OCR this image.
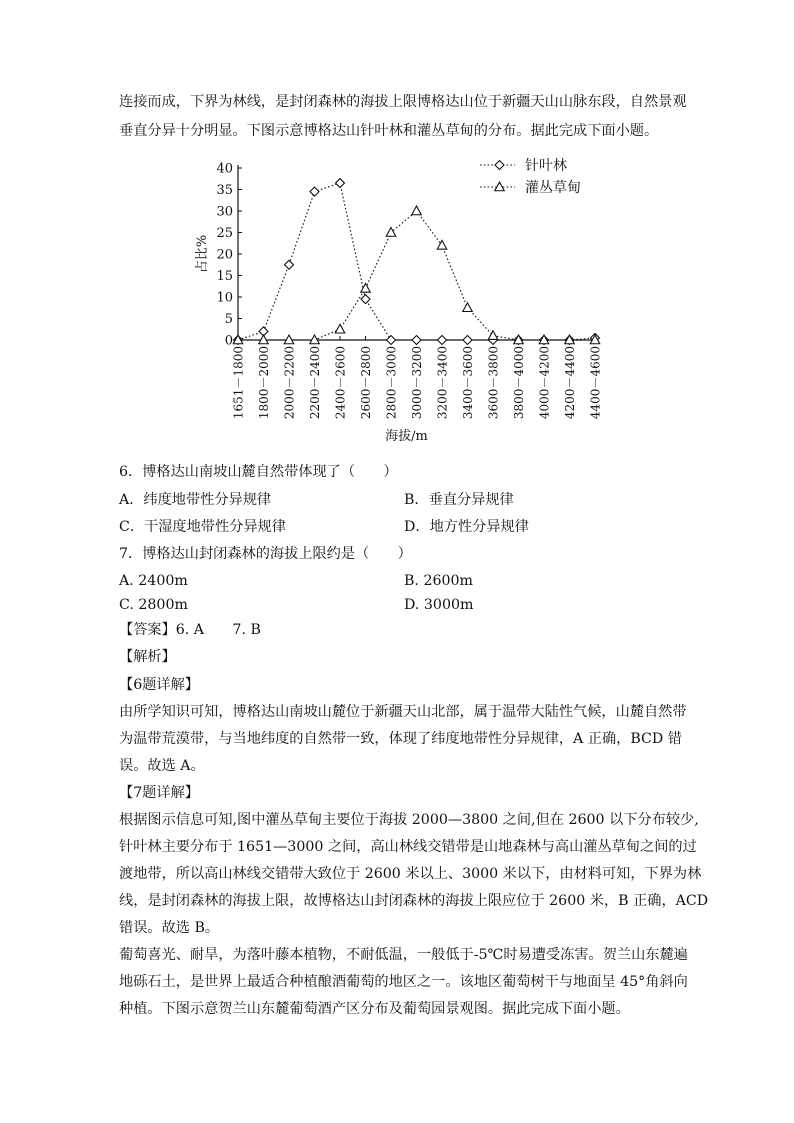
连接而成，下界为林线，是封闭森林的海拔上限博格达山位于新疆天山山脉东段，自然景观
垂直分异十分明显。下图示意博格达山针叶林和灌丛草甸的分布。据此完成下面小题。
0
5
10
15
20
25
30
35
40
1651－1800 1800－2000 2000－2200 2200－2400 2400－2600 2600－2800 2800－3000 3000－3200 3200－3400 3400－3600 3600－3800 3800－4000 4000－4200 4200－4400 4400－4600
占比%
海拔/m
针叶林
灌丛草甸
6．博格达山南坡山麓自然带体现了（　　）
A．纬度地带性分异规律	B．垂直分异规律
C．干湿度地带性分异规律	D．地方性分异规律
7．博格达山封闭森林的海拔上限约是（　　）
A. 2400m	B. 2600m
C. 2800m	D. 3000m
【答案】6. A　　7. B
【解析】
【6题详解】
由所学知识可知，博格达山南坡山麓位于新疆天山北部，属于温带大陆性气候，山麓自然带
为温带荒漠带，与当地纬度的自然带一致，体现了纬度地带性分异规律，A 正确，BCD 错
误。故选 A。
【7题详解】
根据图示信息可知,图中灌丛草甸主要位于海拔 2000—3800 之间,但在 2600 以下分布较少,
针叶林主要分布于 1651—3000 之间，高山林线交错带是山地森林与高山灌丛草甸之间的过
渡地带，所以高山林线交错带大致位于 2600 米以上、3000 米以下，由材料可知，下界为林
线，是封闭森林的海拔上限，故博格达山封闭森林的海拔上限应位于 2600 米，B 正确，ACD
错误。故选 B。
葡萄喜光、耐旱，为落叶藤本植物，不耐低温，一般低于-5℃时易遭受冻害。贺兰山东麓遍
地砾石土，是世界上最适合种植酿酒葡萄的地区之一。该地区葡萄树干与地面呈 45°角斜向
种植。下图示意贺兰山东麓葡萄酒产区分布及葡萄园景观图。据此完成下面小题。
